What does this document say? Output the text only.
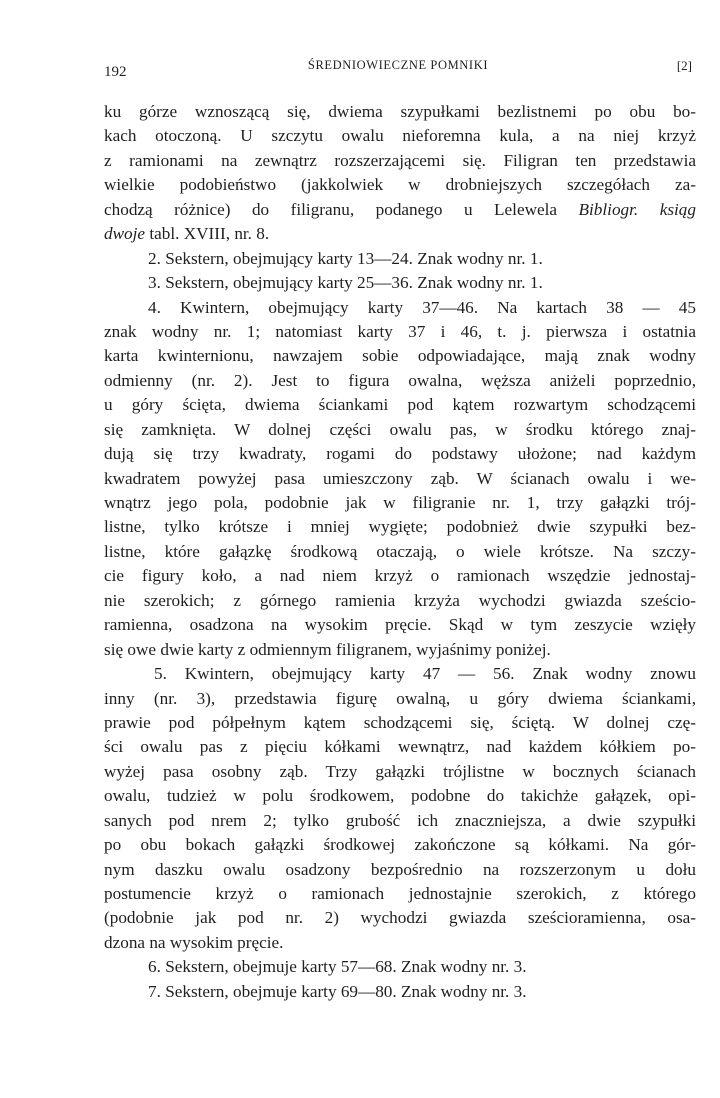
192	ŚREDNIOWIECZNE POMNIKI	[2]
ku górze wznoszącą się, dwiema szypułkami bezlistnemi po obu bo-
kach otoczoną. U szczytu owalu nieforemna kula, a na niej krzyż
z ramionami na zewnątrz rozszerzającemi się. Filigran ten przedstawia
wielkie podobieństwo (jakkolwiek w drobniejszych szczegółach za-
chodzą różnice) do filigranu, podanego u Lelewela Bibliogr. ksiąg
dwoje tabl. XVIII, nr. 8.
2. Sekstern, obejmujący karty 13—24. Znak wodny nr. 1.
3. Sekstern, obejmujący karty 25—36. Znak wodny nr. 1.
4. Kwintern, obejmujący karty 37—46. Na kartach 38 — 45
znak wodny nr. 1; natomiast karty 37 i 46, t. j. pierwsza i ostatnia
karta kwinternionu, nawzajem sobie odpowiadające, mają znak wodny
odmienny (nr. 2). Jest to figura owalna, węższa aniżeli poprzednio,
u góry ścięta, dwiema ściankami pod kątem rozwartym schodzącemi
się zamknięta. W dolnej części owalu pas, w środku którego znaj-
dują się trzy kwadraty, rogami do podstawy ułożone; nad każdym
kwadratem powyżej pasa umieszczony ząb. W ścianach owalu i we-
wnątrz jego pola, podobnie jak w filigranie nr. 1, trzy gałązki trój-
listne, tylko krótsze i mniej wygięte; podobnież dwie szypułki bez-
listne, które gałązkę środkową otaczają, o wiele krótsze. Na szczy-
cie figury koło, a nad niem krzyż o ramionach wszędzie jednostaj-
nie szerokich; z górnego ramienia krzyża wychodzi gwiazda sześcio-
ramienna, osadzona na wysokim pręcie. Skąd w tym zeszycie wzięły
się owe dwie karty z odmiennym filigranem, wyjaśnimy poniżej.
5. Kwintern, obejmujący karty 47 — 56. Znak wodny znowu
inny (nr. 3), przedstawia figurę owalną, u góry dwiema ściankami,
prawie pod półpełnym kątem schodzącemi się, ściętą. W dolnej czę-
ści owalu pas z pięciu kółkami wewnątrz, nad każdem kółkiem po-
wyżej pasa osobny ząb. Trzy gałązki trójlistne w bocznych ścianach
owalu, tudzież w polu środkowem, podobne do takichże gałązek, opi-
sanych pod nrem 2; tylko grubość ich znaczniejsza, a dwie szypułki
po obu bokach gałązki środkowej zakończone są kółkami. Na gór-
nym daszku owalu osadzony bezpośrednio na rozszerzonym u dołu
postumencie krzyż o ramionach jednostajnie szerokich, z którego
(podobnie jak pod nr. 2) wychodzi gwiazda sześcioramienna, osa-
dzona na wysokim pręcie.
6. Sekstern, obejmuje karty 57—68. Znak wodny nr. 3.
7. Sekstern, obejmuje karty 69—80. Znak wodny nr. 3.
